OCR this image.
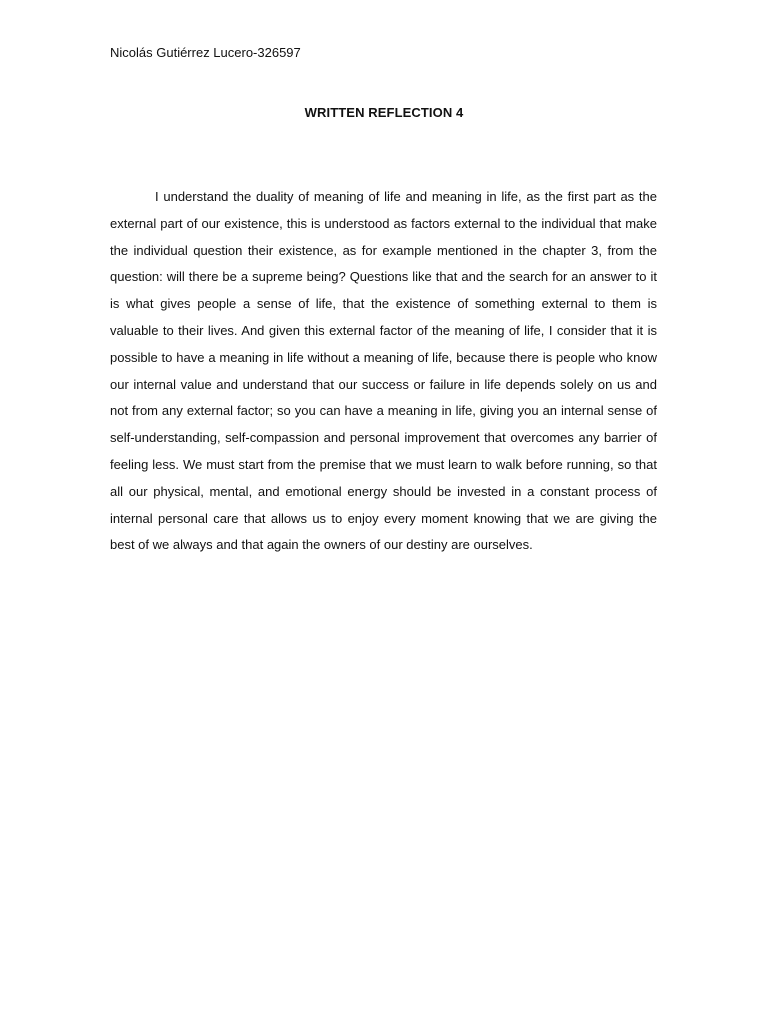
Nicolás Gutiérrez Lucero-326597
WRITTEN REFLECTION 4

I understand the duality of meaning of life and meaning in life, as the first part as the external part of our existence, this is understood as factors external to the individual that make the individual question their existence, as for example mentioned in the chapter 3, from the question: will there be a supreme being? Questions like that and the search for an answer to it is what gives people a sense of life, that the existence of something external to them is valuable to their lives. And given this external factor of the meaning of life, I consider that it is possible to have a meaning in life without a meaning of life, because there is people who know our internal value and understand that our success or failure in life depends solely on us and not from any external factor; so you can have a meaning in life, giving you an internal sense of self-understanding, self-compassion and personal improvement that overcomes any barrier of feeling less. We must start from the premise that we must learn to walk before running, so that all our physical, mental, and emotional energy should be invested in a constant process of internal personal care that allows us to enjoy every moment knowing that we are giving the best of we always and that again the owners of our destiny are ourselves.
